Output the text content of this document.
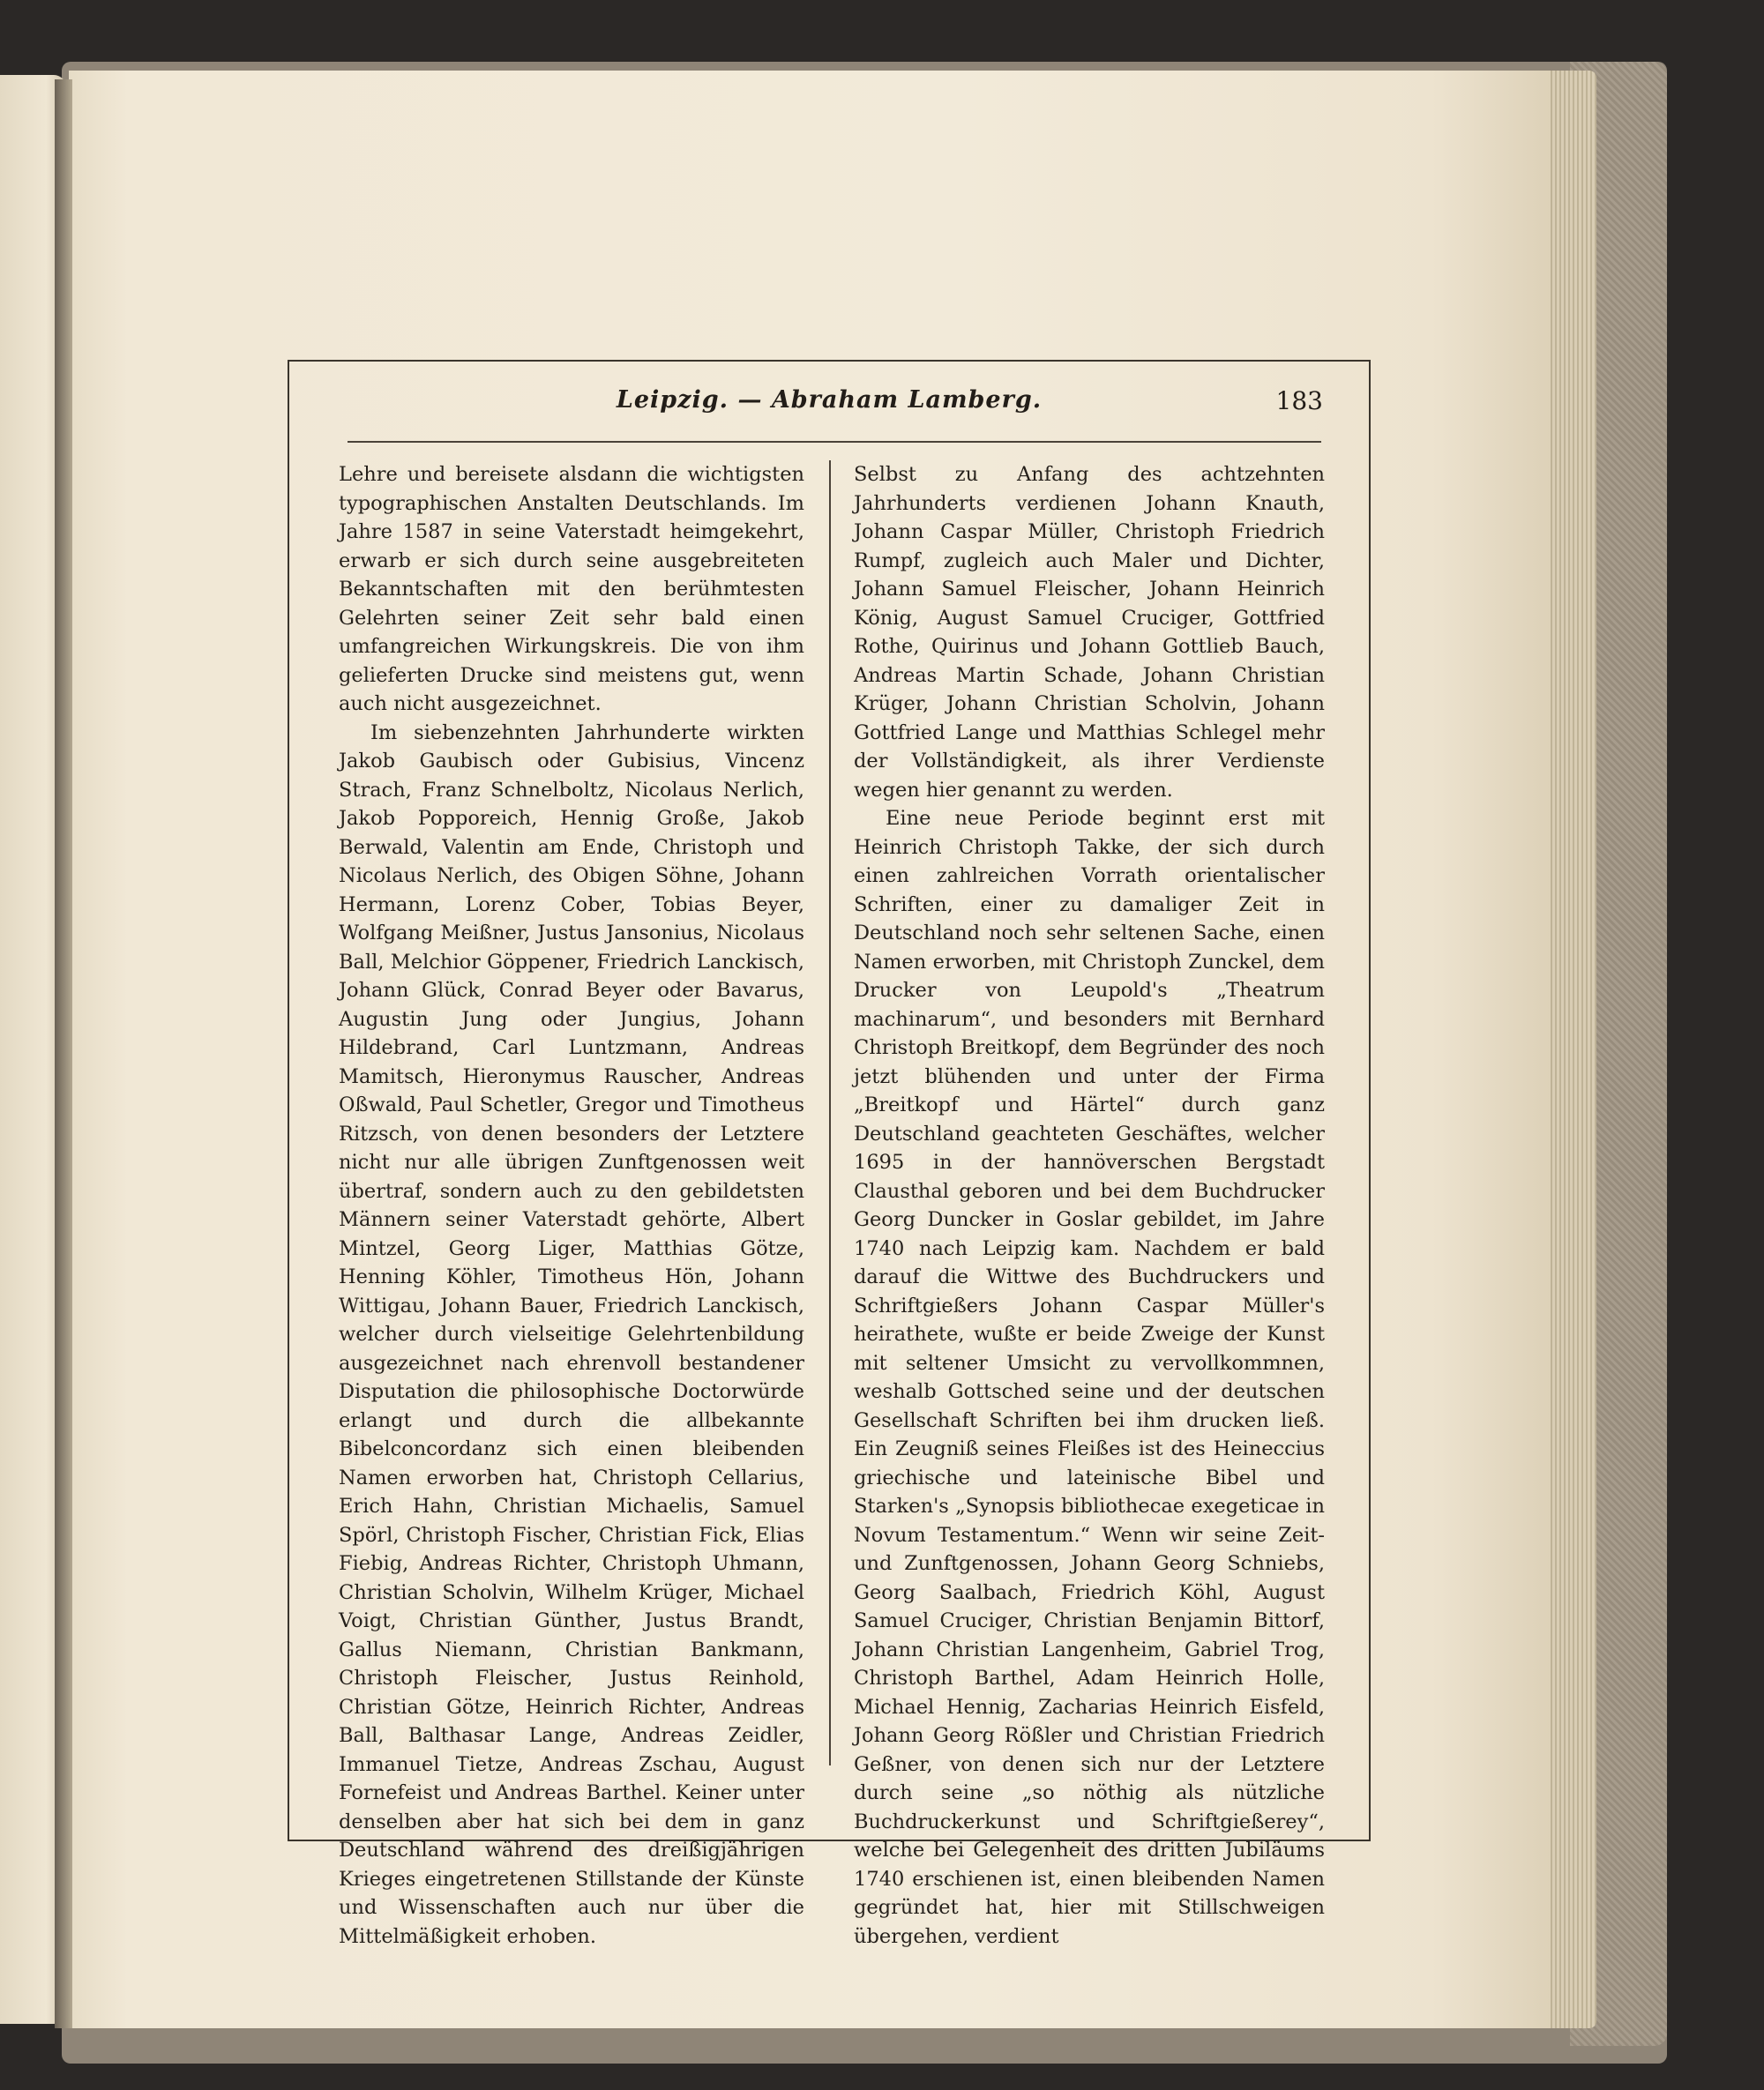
Leipzig. — Abraham Lamberg.	183

Lehre und bereisete alsdann die wichtigsten typographischen Anstalten Deutschlands. Im Jahre 1587 in seine Vaterstadt heimgekehrt, erwarb er sich durch seine ausgebreiteten Bekanntschaften mit den berühmtesten Gelehrten seiner Zeit sehr bald einen umfangreichen Wirkungskreis. Die von ihm gelieferten Drucke sind meistens gut, wenn auch nicht ausgezeichnet.

Im siebenzehnten Jahrhunderte wirkten Jakob Gaubisch oder Gubisius, Vincenz Strach, Franz Schnelboltz, Nicolaus Nerlich, Jakob Popporeich, Hennig Große, Jakob Berwald, Valentin am Ende, Christoph und Nicolaus Nerlich, des Obigen Söhne, Johann Hermann, Lorenz Cober, Tobias Beyer, Wolfgang Meißner, Justus Jansonius, Nicolaus Ball, Melchior Göppener, Friedrich Lanckisch, Johann Glück, Conrad Beyer oder Bavarus, Augustin Jung oder Jungius, Johann Hildebrand, Carl Luntzmann, Andreas Mamitsch, Hieronymus Rauscher, Andreas Oßwald, Paul Schetler, Gregor und Timotheus Ritzsch, von denen besonders der Letztere nicht nur alle übrigen Zunftgenossen weit übertraf, sondern auch zu den gebildetsten Männern seiner Vaterstadt gehörte, Albert Mintzel, Georg Liger, Matthias Götze, Henning Köhler, Timotheus Hön, Johann Wittigau, Johann Bauer, Friedrich Lanckisch, welcher durch vielseitige Gelehrtenbildung ausgezeichnet nach ehrenvoll bestandener Disputation die philosophische Doctorwürde erlangt und durch die allbekannte Bibelconcordanz sich einen bleibenden Namen erworben hat, Christoph Cellarius, Erich Hahn, Christian Michaelis, Samuel Spörl, Christoph Fischer, Christian Fick, Elias Fiebig, Andreas Richter, Christoph Uhmann, Christian Scholvin, Wilhelm Krüger, Michael Voigt, Christian Günther, Justus Brandt, Gallus Niemann, Christian Bankmann, Christoph Fleischer, Justus Reinhold, Christian Götze, Heinrich Richter, Andreas Ball, Balthasar Lange, Andreas Zeidler, Immanuel Tietze, Andreas Zschau, August Fornefeist und Andreas Barthel. Keiner unter denselben aber hat sich bei dem in ganz Deutschland während des dreißigjährigen Krieges eingetretenen Stillstande der Künste und Wissenschaften auch nur über die Mittelmäßigkeit erhoben.

Selbst zu Anfang des achtzehnten Jahrhunderts verdienen Johann Knauth, Johann Caspar Müller, Christoph Friedrich Rumpf, zugleich auch Maler und Dichter, Johann Samuel Fleischer, Johann Heinrich König, August Samuel Cruciger, Gottfried Rothe, Quirinus und Johann Gottlieb Bauch, Andreas Martin Schade, Johann Christian Krüger, Johann Christian Scholvin, Johann Gottfried Lange und Matthias Schlegel mehr der Vollständigkeit, als ihrer Verdienste wegen hier genannt zu werden.

Eine neue Periode beginnt erst mit Heinrich Christoph Takke, der sich durch einen zahlreichen Vorrath orientalischer Schriften, einer zu damaliger Zeit in Deutschland noch sehr seltenen Sache, einen Namen erworben, mit Christoph Zunckel, dem Drucker von Leupold's „Theatrum machinarum“, und besonders mit Bernhard Christoph Breitkopf, dem Begründer des noch jetzt blühenden und unter der Firma „Breitkopf und Härtel“ durch ganz Deutschland geachteten Geschäftes, welcher 1695 in der hannöverschen Bergstadt Clausthal geboren und bei dem Buchdrucker Georg Duncker in Goslar gebildet, im Jahre 1740 nach Leipzig kam. Nachdem er bald darauf die Wittwe des Buchdruckers und Schriftgießers Johann Caspar Müller's heirathete, wußte er beide Zweige der Kunst mit seltener Umsicht zu vervollkommnen, weshalb Gottsched seine und der deutschen Gesellschaft Schriften bei ihm drucken ließ. Ein Zeugniß seines Fleißes ist des Heineccius griechische und lateinische Bibel und Starken's „Synopsis bibliothecae exegeticae in Novum Testamentum.“ Wenn wir seine Zeit- und Zunftgenossen, Johann Georg Schniebs, Georg Saalbach, Friedrich Köhl, August Samuel Cruciger, Christian Benjamin Bittorf, Johann Christian Langenheim, Gabriel Trog, Christoph Barthel, Adam Heinrich Holle, Michael Hennig, Zacharias Heinrich Eisfeld, Johann Georg Rößler und Christian Friedrich Geßner, von denen sich nur der Letztere durch seine „so nöthig als nützliche Buchdruckerkunst und Schriftgießerey“, welche bei Gelegenheit des dritten Jubiläums 1740 erschienen ist, einen bleibenden Namen gegründet hat, hier mit Stillschweigen übergehen, verdient
